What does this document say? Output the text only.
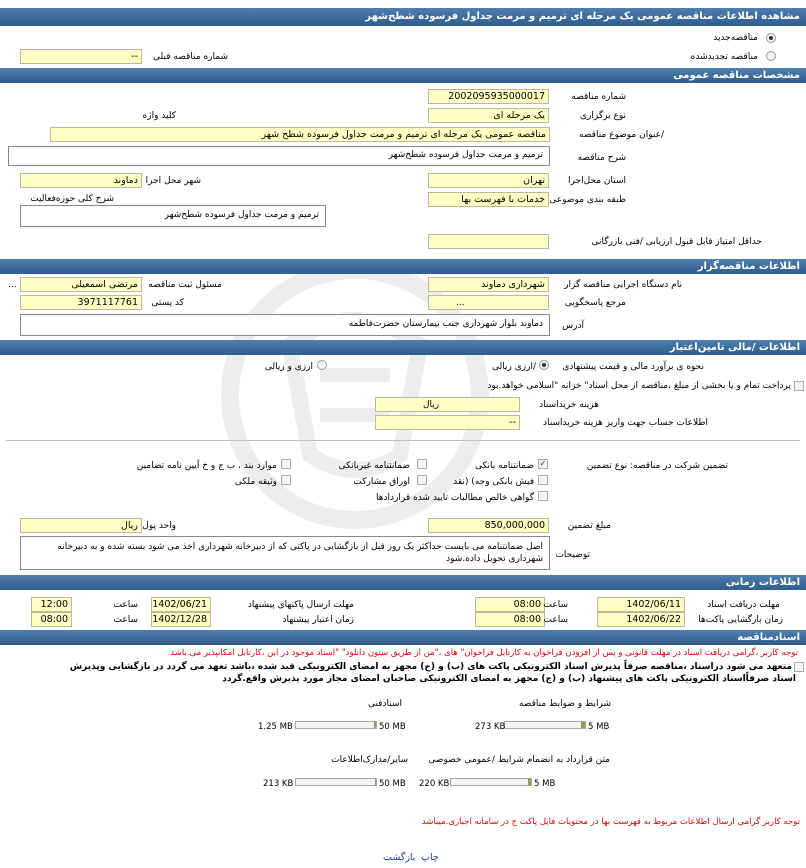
مشاهده اطلاعات مناقصه عمومی یک مرحله ای ترمیم و مرمت جداول فرسوده شطح‌شهر
مناقصه‌جدید
مناقصه تجدیدشده
--	شماره مناقصه قبلی
مشخصات مناقصه عمومی
2002095935000017	شماره مناقصه
یک مرحله ای	نوع برگزاری
کلید واژه
مناقصه عمومی یک مرحله ای ترمیم و مرمت جداول فرسوده شطح شهر	/عنوان موضوع مناقصه
ترمیم و مرمت جداول فرسوده شطح‌شهر	شرح مناقصه
تهران	استان محل‌اجرا
دماوند شهر محل اجرا
خدمات با فهرست بها طبقه بندی موضوعی
شرح کلی حوزه‌فعالیت
ترمیم و مرمت جداول فرسوده شطح‌شهر
حداقل امتیاز قابل قبول ارزیابی /فنی بازرگانی
اطلاعات مناقصه‌گزار
شهرداری دماوند	نام دستگاه اجرایی مناقصه گزار
مرتضی اسمعیلی	مسئول ثبت مناقصه
...
...	مرجع پاسخگویی
3971117761	کد پستی
دماوند بلوار شهرداری جنب بیمارستان حضرت‌فاطمه	آدرس
اطلاعات /مالی تامین‌اعتبار
نحوه ی برآورد مالی و قیمت پیشنهادی
/ارزی ریالی
ارزی و ریالی
پرداخت تمام و یا بخشی از مبلغ ،مناقصه از محل اسناد" خزانه "اسلامی خواهد.بود
ریال	هزینه خرید‌اسناد
--	اطلاعات حساب جهت واریز هزینه خرید‌اسناد
تضمین شرکت در مناقصه: نوع تضمین
✓
ضمانتنامه بانکی
ضمانتنامه غیربانکی
موارد بند ، ب ج و خ آیین نامه تضامین
فیش بانکی وجه) (نقد
اوراق مشارکت
وثیقه ملکی
گواهی خالص مطالبات تایید شده قراردادها
850,000,000	مبلغ تضمین
ریال واحد پول
اصل ضمانتنامه می بایست حداکثر یک روز قبل از بازگشایی در پاکتی که از دبیرخانه شهرداری اخذ می شود بسته شده و به دبیرخانه شهرداری تحویل داده.شود	توضیحات
اطلاعات زمانی
1402/06/11	مهلت دریافت اسناد
08:00 ساعت
1402/06/21	مهلت ارسال پاکتهای پیشنهاد
12:00	ساعت
1402/06/22	زمان بازگشایی پاکت‌ها
08:00 ساعت
1402/12/28	زمان اعتبار پیشنهاد
08:00	ساعت
اسنادمناقصه
توجه کاربر ،گرامی دریافت اسناد در مهلت قانونی و پس از افزودن فراخوان به کارتابل فراخوان" های ،"من از طریق ستون دانلود" "اسناد موجود در این ،کارتابل امکانپذیر می.باشد
متعهد می شود در‌اسناد ،مناقصه صرفاً پذیرش اسناد الکترونیکی پاکت های (ب) و (ج) مجهز به امضای الکترونیکی قید شده ،باشد تعهد می گردد در بازگشایی وپذیرش
اسناد صرفاًاسناد الکترونیکی پاکت های پیشنهاد (ب) و (ج) مجهز به امضای الکترونیکی صاحبان امضای مجاز مورد پذیرش واقع.گردد
شرایط و ضوابط مناقصه
5 MB
273 KB
اسنادفنی
50 MB
1.25 MB
متن قرارداد به انضمام شرایط /عمومی خصوصی
5 MB
220 KB
سایر/مدارک‌اطلاعات
50 MB
213 KB
توجه کاربر گرامی ارسال اطلاعات مربوط به فهرست بها در محتویات فایل پاکت ج در سامانه اجباری.میباشد
چاپ
بازگشت
